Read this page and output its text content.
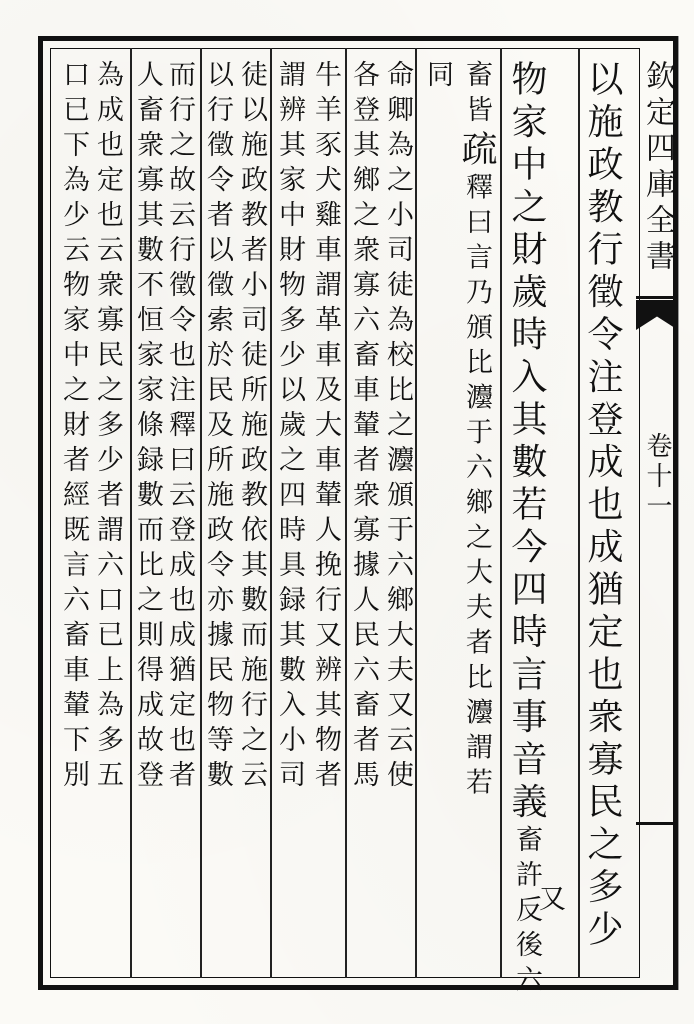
欽定四庫全書
卷十一
以施政教行徵令注登成也成猶定也衆寡民之多少
物家中之財歲時入其數若今四時言事音義畜許反後六
又
畜皆疏釋曰言乃頒比灋于六鄉之大夫者比灋謂若
同
命卿為之小司徒為校比之灋頒于六鄉大夫又云使
各登其鄉之衆寡六畜車輦者衆寡據人民六畜者馬
牛羊豕犬雞車謂革車及大車輦人挽行又辨其物者
謂辨其家中財物多少以歲之四時具録其數入小司
徒以施政教者小司徒所施政教依其數而施行之云
以行徵令者以徵索於民及所施政令亦據民物等數
而行之故云行徵令也注釋曰云登成也成猶定也者
人畜衆寡其數不恒家家條録數而比之則得成故登
為成也定也云衆寡民之多少者謂六口已上為多五
口已下為少云物家中之財者經既言六畜車輦下別
